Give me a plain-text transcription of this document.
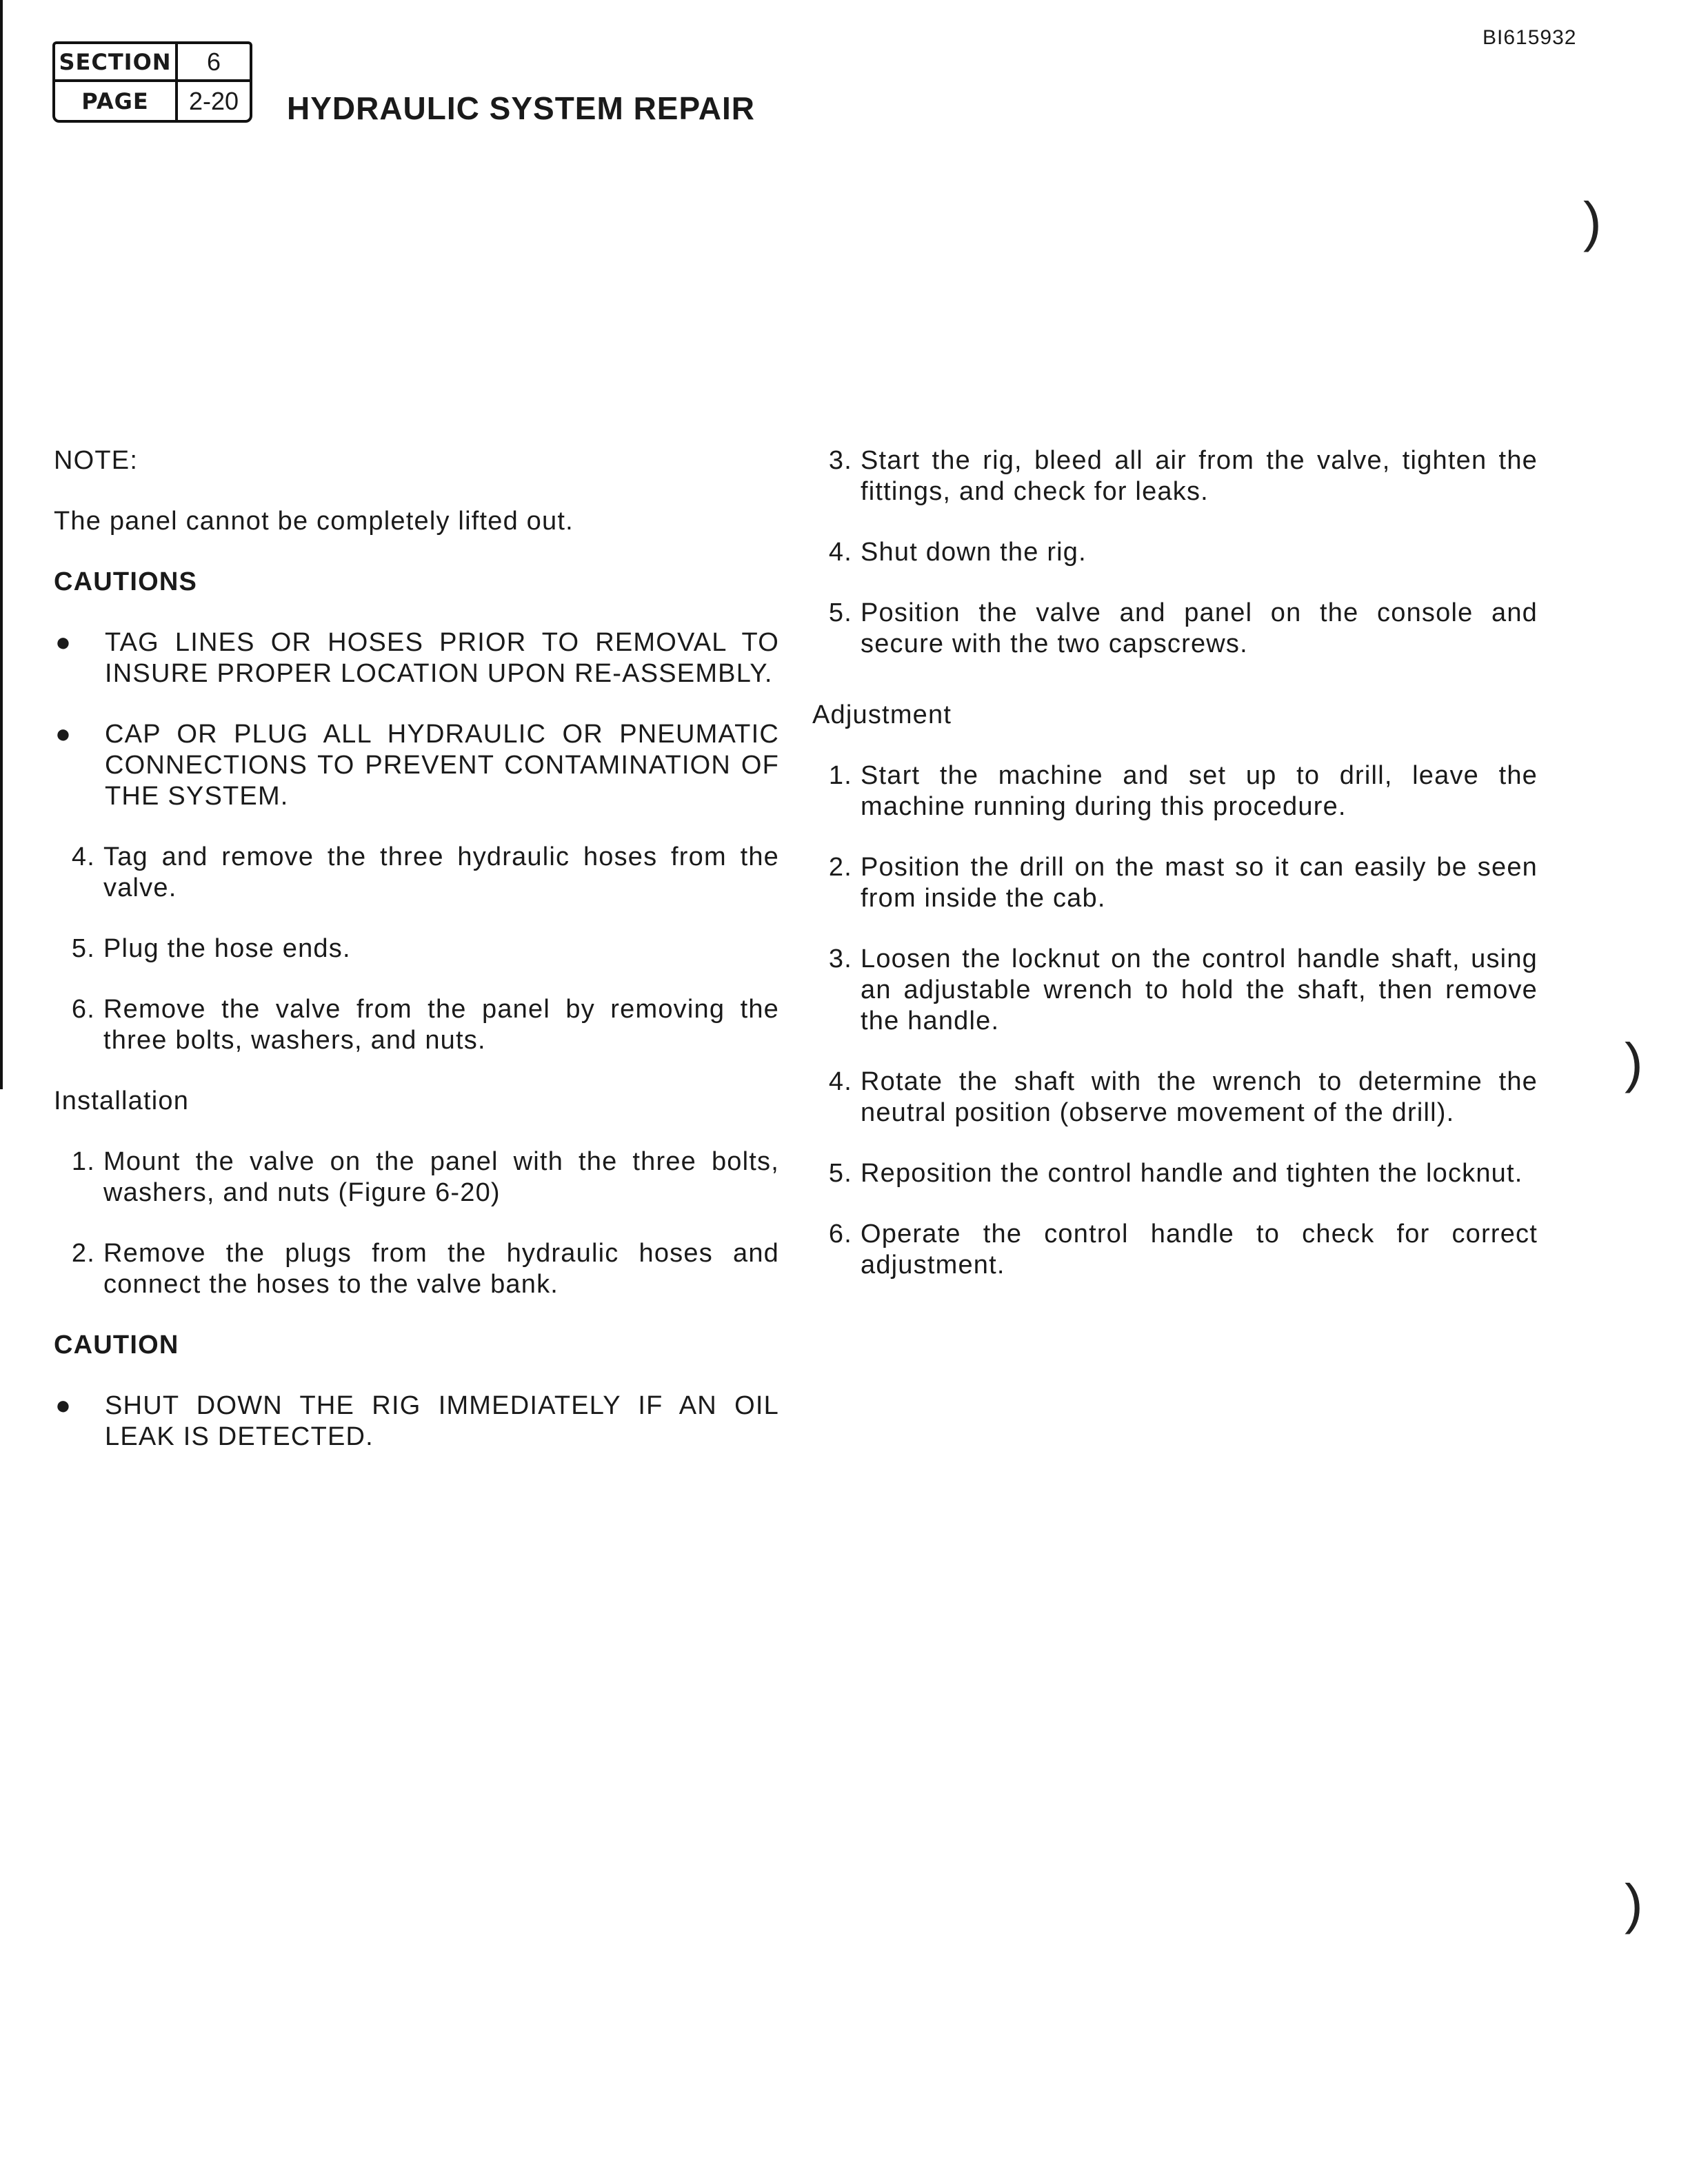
BI615932
SECTION	6
PAGE	2-20	HYDRAULIC SYSTEM REPAIR
)
)
)

NOTE:

The panel cannot be completely lifted out.

CAUTIONS

●	TAG LINES OR HOSES PRIOR TO REMOVAL TO INSURE PROPER LOCATION UPON RE-ASSEMBLY.
●	CAP OR PLUG ALL HYDRAULIC OR PNEUMATIC CONNECTIONS TO PREVENT CONTAMINATION OF THE SYSTEM.
4. Tag and remove the three hydraulic hoses from the valve.
5. Plug the hose ends.
6. Remove the valve from the panel by removing the three bolts, washers, and nuts.

Installation

1. Mount the valve on the panel with the three bolts, washers, and nuts (Figure 6-20)
2. Remove the plugs from the hydraulic hoses and connect the hoses to the valve bank.

CAUTION

●	SHUT DOWN THE RIG IMMEDIATELY IF AN OIL LEAK IS DETECTED.
3. Start the rig, bleed all air from the valve, tighten the fittings, and check for leaks.
4. Shut down the rig.
5. Position the valve and panel on the console and secure with the two capscrews.

Adjustment

1. Start the machine and set up to drill, leave the machine running during this procedure.
2. Position the drill on the mast so it can easily be seen from inside the cab.
3. Loosen the locknut on the control handle shaft, using an adjustable wrench to hold the shaft, then remove the handle.
4. Rotate the shaft with the wrench to determine the neutral position (observe movement of the drill).
5. Reposition the control handle and tighten the locknut.
6. Operate the control handle to check for correct adjustment.
